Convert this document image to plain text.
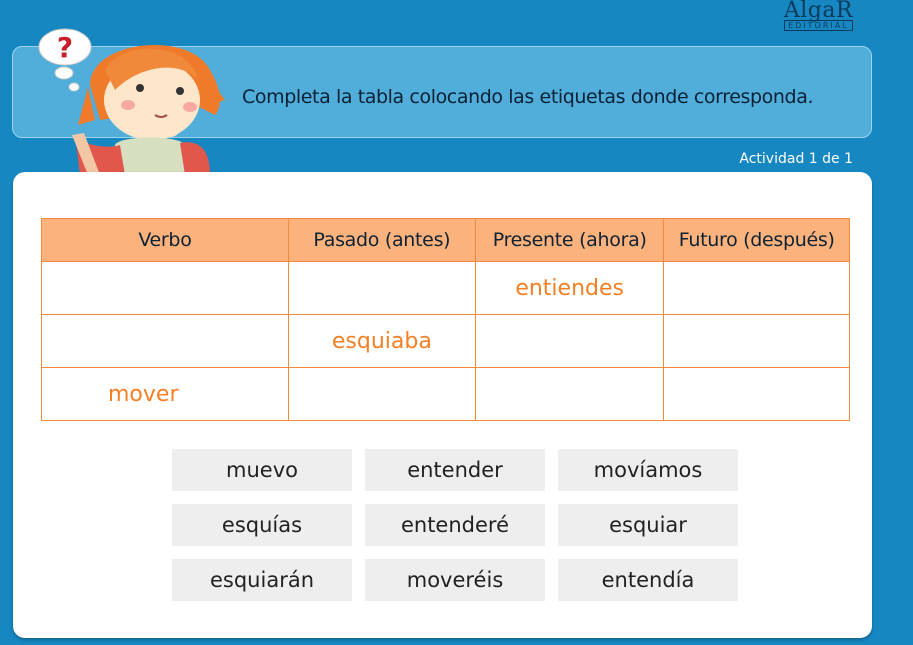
AlgaR
EDITORIAL
?
Completa la tabla colocando las etiquetas donde corresponda.
Actividad 1 de 1
Verbo	Pasado (antes)	Presente (ahora)	Futuro (después)
		entiendes	
	esquiaba		
mover			
muevo	entender	movíamos
esquías	entenderé	esquiar
esquiarán	moveréis	entendía
